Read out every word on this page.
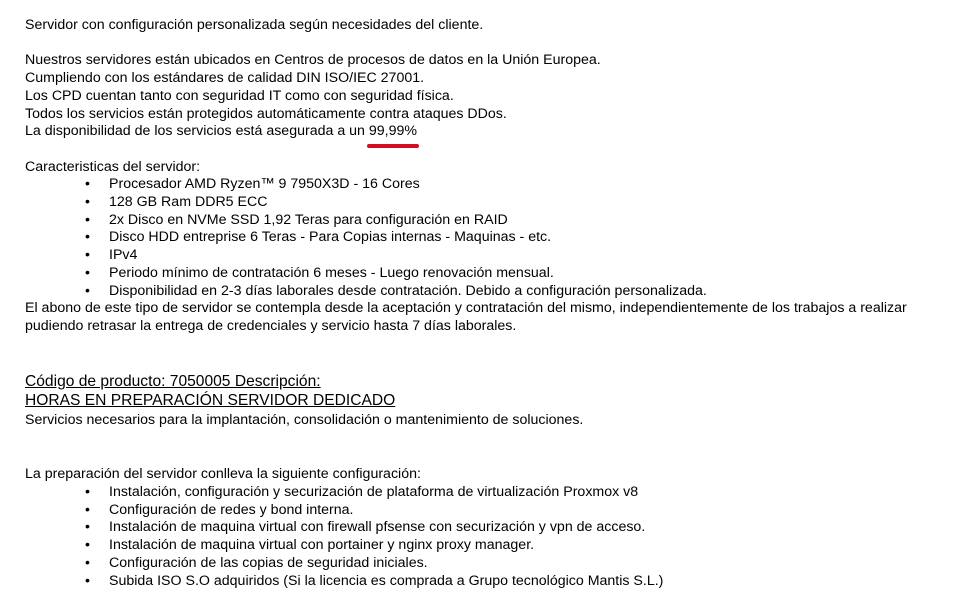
Servidor con configuración personalizada según necesidades del cliente.
Nuestros servidores están ubicados en Centros de procesos de datos en la Unión Europea.
Cumpliendo con los estándares de calidad DIN ISO/IEC 27001.
Los CPD cuentan tanto con seguridad IT como con seguridad física.
Todos los servicios están protegidos automáticamente contra ataques DDos.
La disponibilidad de los servicios está asegurada a un 99,99%
Caracteristicas del servidor:
• Procesador AMD Ryzen™ 9 7950X3D - 16 Cores
• 128 GB Ram DDR5 ECC
• 2x Disco en NVMe SSD 1,92 Teras para configuración en RAID
• Disco HDD entreprise 6 Teras - Para Copias internas - Maquinas - etc.
• IPv4
• Periodo mínimo de contratación 6 meses - Luego renovación mensual.
• Disponibilidad en 2-3 días laborales desde contratación. Debido a configuración personalizada.
El abono de este tipo de servidor se contempla desde la aceptación y contratación del mismo, independientemente de los trabajos a realizar pudiendo retrasar la entrega de credenciales y servicio hasta 7 días laborales.
Código de producto: 7050005 Descripción:
HORAS EN PREPARACIÓN SERVIDOR DEDICADO
Servicios necesarios para la implantación, consolidación o mantenimiento de soluciones.
La preparación del servidor conlleva la siguiente configuración:
• Instalación, configuración y securización de plataforma de virtualización Proxmox v8
• Configuración de redes y bond interna.
• Instalación de maquina virtual con firewall pfsense con securización y vpn de acceso.
• Instalación de maquina virtual con portainer y nginx proxy manager.
• Configuración de las copias de seguridad iniciales.
• Subida ISO S.O adquiridos (Si la licencia es comprada a Grupo tecnológico Mantis S.L.)
